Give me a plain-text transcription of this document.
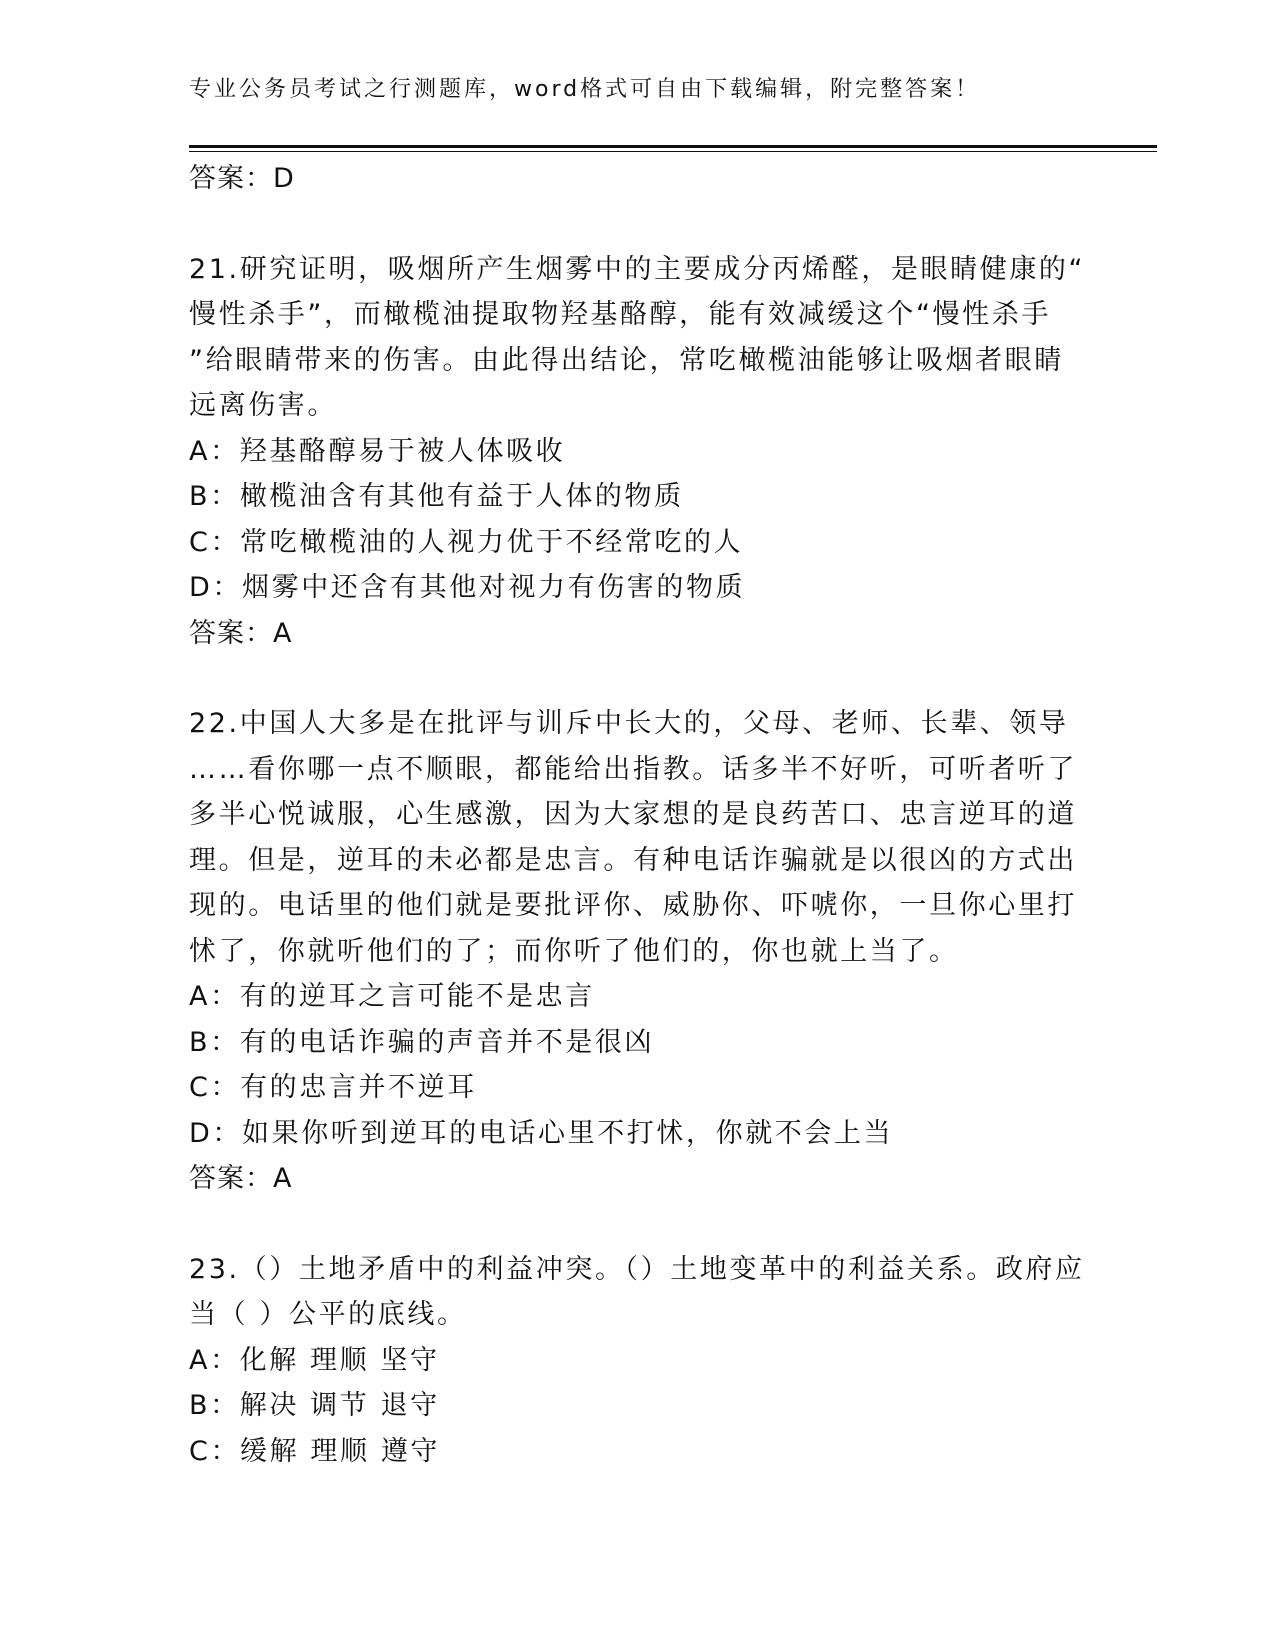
专业公务员考试之行测题库，word格式可自由下载编辑，附完整答案！
答案：D
21.研究证明，吸烟所产生烟雾中的主要成分丙烯醛，是眼睛健康的“
慢性杀手”，而橄榄油提取物羟基酪醇，能有效减缓这个“慢性杀手
”给眼睛带来的伤害。由此得出结论，常吃橄榄油能够让吸烟者眼睛
远离伤害。
A：羟基酪醇易于被人体吸收
B：橄榄油含有其他有益于人体的物质
C：常吃橄榄油的人视力优于不经常吃的人
D：烟雾中还含有其他对视力有伤害的物质
答案：A
22.中国人大多是在批评与训斥中长大的，父母、老师、长辈、领导
……看你哪一点不顺眼，都能给出指教。话多半不好听，可听者听了
多半心悦诚服，心生感激，因为大家想的是良药苦口、忠言逆耳的道
理。但是，逆耳的未必都是忠言。有种电话诈骗就是以很凶的方式出
现的。电话里的他们就是要批评你、威胁你、吓唬你，一旦你心里打
怵了，你就听他们的了；而你听了他们的，你也就上当了。
A：有的逆耳之言可能不是忠言
B：有的电话诈骗的声音并不是很凶
C：有的忠言并不逆耳
D：如果你听到逆耳的电话心里不打怵，你就不会上当
答案：A
23.（）土地矛盾中的利益冲突。（）土地变革中的利益关系。政府应
当（ ）公平的底线。
A：化解 理顺 坚守
B：解决 调节 退守
C：缓解 理顺 遵守
